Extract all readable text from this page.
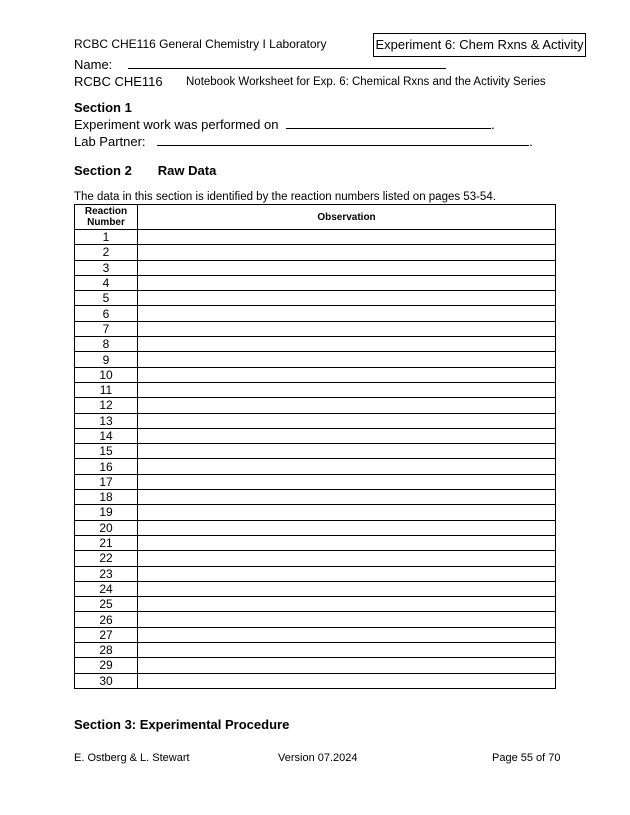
RCBC CHE116 General Chemistry I Laboratory	Experiment 6: Chem Rxns & Activity
Name:
RCBC CHE116 Notebook Worksheet for Exp. 6: Chemical Rxns and the Activity Series
Section 1
Experiment work was performed on	.
Lab Partner:	.
Section 2 Raw Data
The data in this section is identified by the reaction numbers listed on pages 53-54.
Reaction
Number	Observation
1	
2	
3	
4	
5	
6	
7	
8	
9	
10	
11	
12	
13	
14	
15	
16	
17	
18	
19	
20	
21	
22	
23	
24	
25	
26	
27	
28	
29	
30	
Section 3: Experimental Procedure
E. Ostberg & L. Stewart	Version 07.2024	Page 55 of 70
